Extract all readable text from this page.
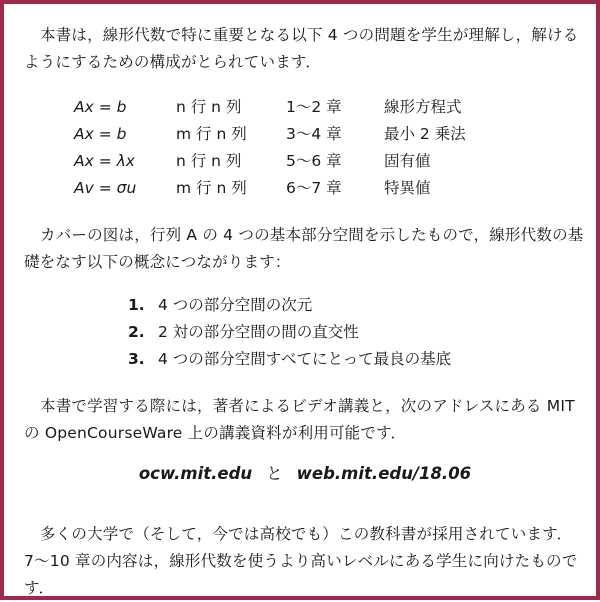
本書は，線形代数で特に重要となる以下 4 つの問題を学生が理解し，解けるようにするための構成がとられています．

Ax = b	n 行 n 列	1〜2 章	線形方程式
Ax = b	m 行 n 列	3〜4 章	最小 2 乗法
Ax = λx	n 行 n 列	5〜6 章	固有値
Av = σu	m 行 n 列	6〜7 章	特異値

カバーの図は，行列 A の 4 つの基本部分空間を示したもので，線形代数の基礎をなす以下の概念につながります：

1. 4 つの部分空間の次元
2. 2 対の部分空間の間の直交性
3. 4 つの部分空間すべてにとって最良の基底

本書で学習する際には，著者によるビデオ講義と，次のアドレスにある MIT の OpenCourseWare 上の講義資料が利用可能です．

ocw.mit.edu と web.mit.edu/18.06

多くの大学で（そして，今では高校でも）この教科書が採用されています．7〜10 章の内容は，線形代数を使うより高いレベルにある学生に向けたものです．
